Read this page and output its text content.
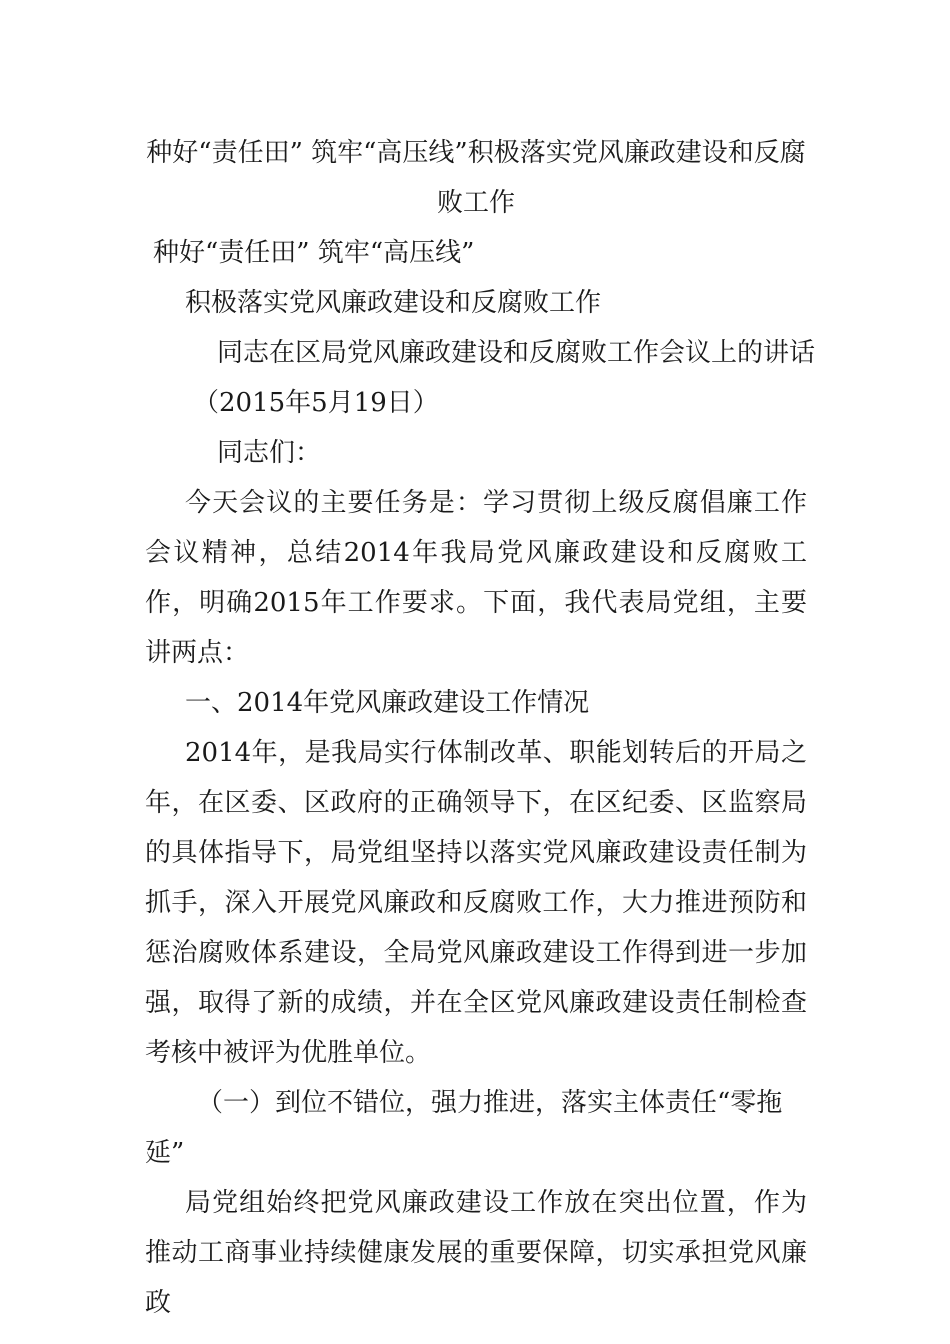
种好“责任田” 筑牢“高压线”积极落实党风廉政建设和反腐败工作

种好“责任田” 筑牢“高压线”

积极落实党风廉政建设和反腐败工作

同志在区局党风廉政建设和反腐败工作会议上的讲话

（2015年5月19日）

同志们：

今天会议的主要任务是：学习贯彻上级反腐倡廉工作会议精神，总结2014年我局党风廉政建设和反腐败工作，明确2015年工作要求。下面，我代表局党组，主要讲两点：

一、2014年党风廉政建设工作情况

2014年，是我局实行体制改革、职能划转后的开局之年，在区委、区政府的正确领导下，在区纪委、区监察局的具体指导下，局党组坚持以落实党风廉政建设责任制为抓手，深入开展党风廉政和反腐败工作，大力推进预防和惩治腐败体系建设，全局党风廉政建设工作得到进一步加强，取得了新的成绩，并在全区党风廉政建设责任制检查考核中被评为优胜单位。

（一）到位不错位，强力推进，落实主体责任“零拖延”

局党组始终把党风廉政建设工作放在突出位置，作为推动工商事业持续健康发展的重要保障，切实承担党风廉政
